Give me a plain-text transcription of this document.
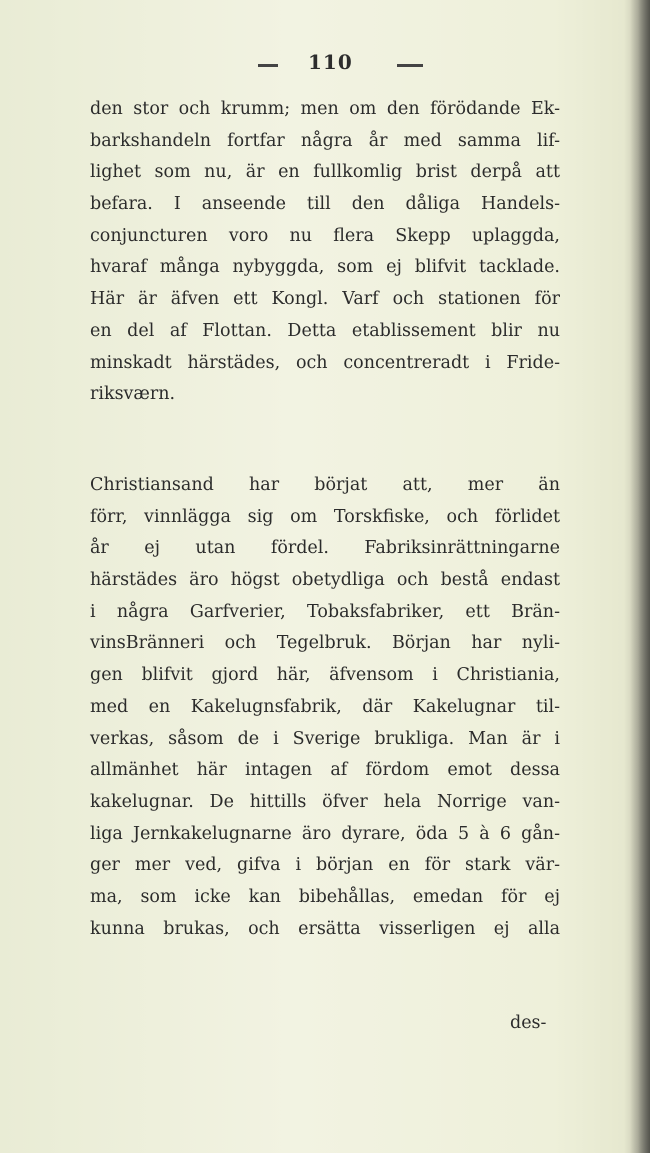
110
den stor och krumm; men om den förödande Ek-
barkshandeln fortfar några år med samma lif-
lighet som nu, är en fullkomlig brist derpå att
befara. I anseende till den dåliga Handels-
conjuncturen voro nu flera Skepp uplaggda,
hvaraf många nybyggda, som ej blifvit tacklade.
Här är äfven ett Kongl. Varf och stationen för
en del af Flottan. Detta etablissement blir nu
minskadt härstädes, och concentreradt i Fride-
riksværn.
Christiansand har börjat att, mer än
förr, vinnlägga sig om Torskfiske, och förlidet
år ej utan fördel. Fabriksinrättningarne
härstädes äro högst obetydliga och bestå endast
i några Garfverier, Tobaksfabriker, ett Brän-
vinsBränneri och Tegelbruk. Början har nyli-
gen blifvit gjord här, äfvensom i Christiania,
med en Kakelugnsfabrik, där Kakelugnar til-
verkas, såsom de i Sverige brukliga. Man är i
allmänhet här intagen af fördom emot dessa
kakelugnar. De hittills öfver hela Norrige van-
liga Jernkakelugnarne äro dyrare, öda 5 à 6 gån-
ger mer ved, gifva i början en för stark vär-
ma, som icke kan bibehållas, emedan för ej
kunna brukas, och ersätta visserligen ej alla
des-
